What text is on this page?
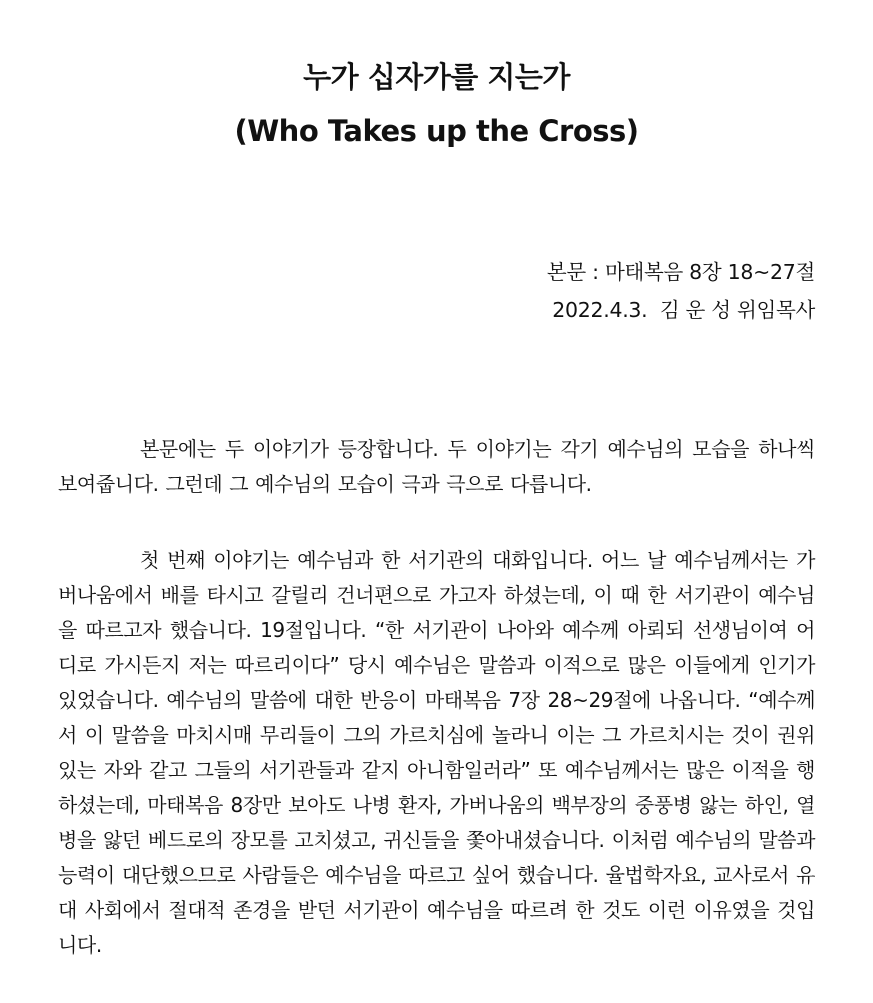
누가 십자가를 지는가
(Who Takes up the Cross)
본문 : 마태복음 8장 18~27절
2022.4.3.  김 운 성 위임목사

본문에는 두 이야기가 등장합니다. 두 이야기는 각기 예수님의 모습을 하나씩 보여줍니다. 그런데 그 예수님의 모습이 극과 극으로 다릅니다.

첫 번째 이야기는 예수님과 한 서기관의 대화입니다. 어느 날 예수님께서는 가버나움에서 배를 타시고 갈릴리 건너편으로 가고자 하셨는데, 이 때 한 서기관이 예수님을 따르고자 했습니다. 19절입니다. “한 서기관이 나아와 예수께 아뢰되 선생님이여 어디로 가시든지 저는 따르리이다” 당시 예수님은 말씀과 이적으로 많은 이들에게 인기가 있었습니다. 예수님의 말씀에 대한 반응이 마태복음 7장 28~29절에 나옵니다. “예수께서 이 말씀을 마치시매 무리들이 그의 가르치심에 놀라니 이는 그 가르치시는 것이 권위 있는 자와 같고 그들의 서기관들과 같지 아니함일러라” 또 예수님께서는 많은 이적을 행하셨는데, 마태복음 8장만 보아도 나병 환자, 가버나움의 백부장의 중풍병 앓는 하인, 열병을 앓던 베드로의 장모를 고치셨고, 귀신들을 쫓아내셨습니다. 이처럼 예수님의 말씀과 능력이 대단했으므로 사람들은 예수님을 따르고 싶어 했습니다. 율법학자요, 교사로서 유대 사회에서 절대적 존경을 받던 서기관이 예수님을 따르려 한 것도 이런 이유였을 것입니다.
